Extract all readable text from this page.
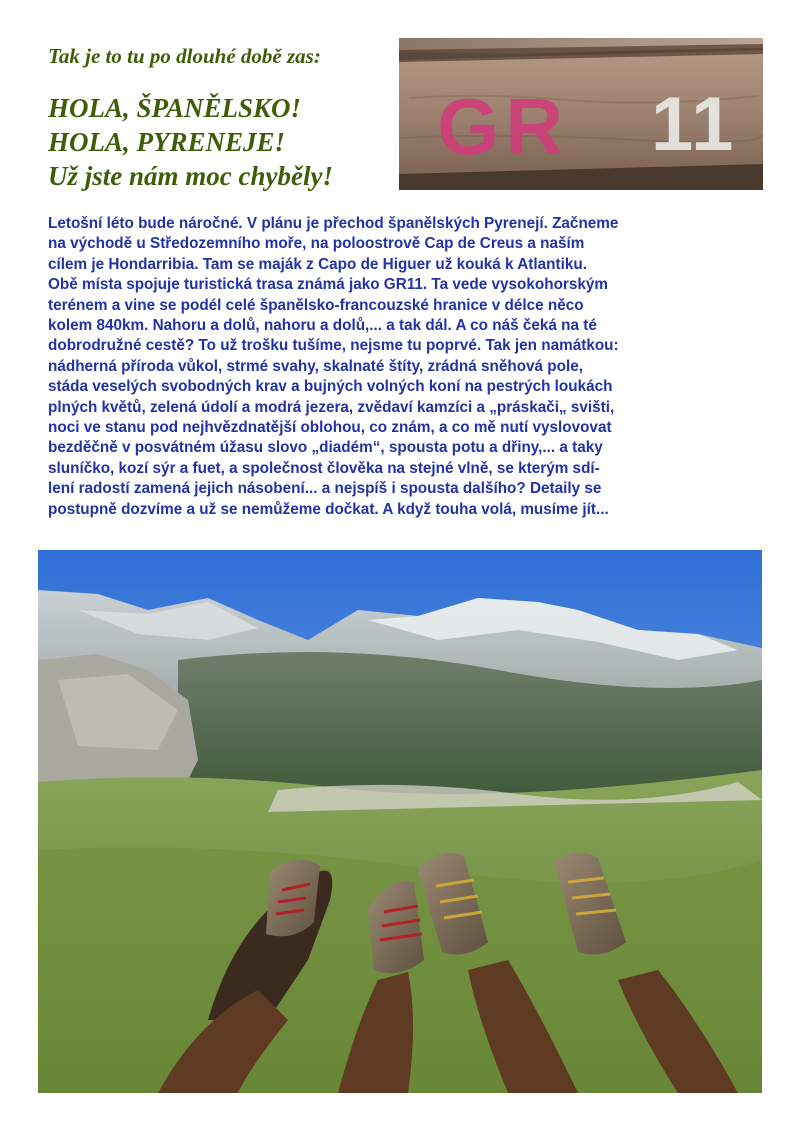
Tak je to tu po dlouhé době zas:

HOLA, ŠPANĚLSKO!
HOLA, PYRENEJE!
Už jste nám moc chyběly!

GR 11
Letošní léto bude náročné. V plánu je přechod španělských Pyrenejí. Začneme
na východě u Středozemního moře, na poloostrově Cap de Creus a naším
cílem je Hondarribia. Tam se maják z Capo de Higuer už kouká k Atlantiku.
Obě místa spojuje turistická trasa známá jako GR11. Ta vede vysokohorským
terénem a vine se podél celé španělsko-francouzské hranice v délce něco
kolem 840km. Nahoru a dolů, nahoru a dolů,... a tak dál. A co náš čeká na té
dobrodružné cestě? To už trošku tušíme, nejsme tu poprvé. Tak jen namátkou:
nádherná příroda vůkol, strmé svahy, skalnaté štíty, zrádná sněhová pole,
stáda veselých svobodných krav a bujných volných koní na pestrých loukách
plných květů, zelená údolí a modrá jezera, zvědaví kamzíci a „práskači„ svišti,
noci ve stanu pod nejhvězdnatější oblohou, co znám, a co mě nutí vyslovovat
bezděčně v posvátném úžasu slovo „diadém“, spousta potu a dřiny,... a taky
sluníčko, kozí sýr a fuet, a společnost člověka na stejné vlně, se kterým sdí-
lení radostí zamená jejich násobení... a nejspíš i spousta dalšího? Detaily se
postupně dozvíme a už se nemůžeme dočkat. A když touha volá, musíme jít...
